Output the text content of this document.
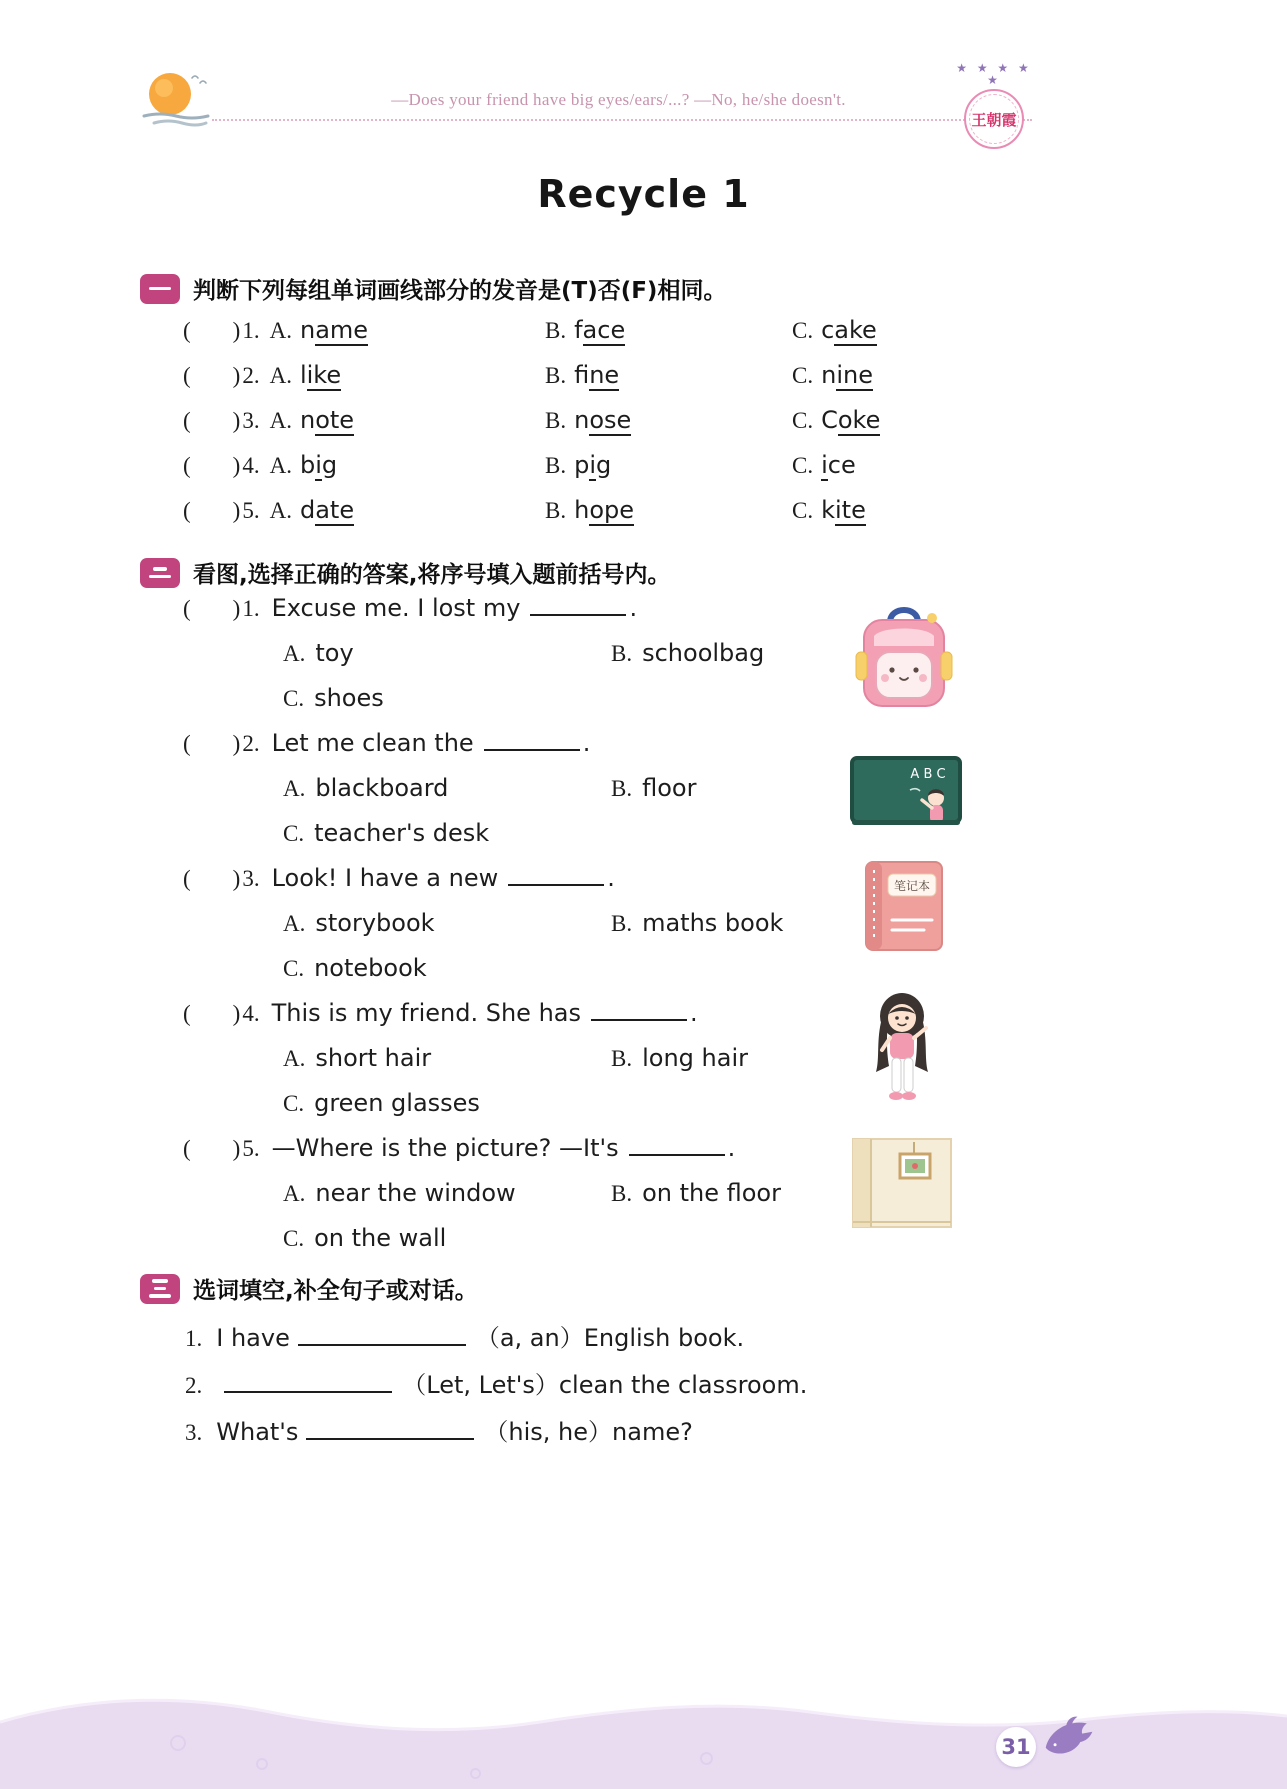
—Does your friend have big eyes/ears/...? —No, he/she doesn't.
★ ★ ★ ★ ★
王朝霞
Recycle 1
判断下列每组单词画线部分的发音是(T)否(F)相同。
( ) 1. A. name	B. face	C. cake
( ) 2. A. like	B. fine	C. nine
( ) 3. A. note	B. nose	C. Coke
( ) 4. A. big	B. pig	C. ice
( ) 5. A. date	B. hope	C. kite
看图,选择正确的答案,将序号填入题前括号内。
( ) 1. Excuse me. I lost my	.
A. toy	B. schoolbag
C. shoes
( ) 2. Let me clean the	.
A. blackboard	B. floor
C. teacher's desk
( ) 3. Look! I have a new	.
A. storybook	B. maths book
C. notebook
( ) 4. This is my friend. She has	.
A. short hair	B. long hair
C. green glasses
( ) 5. —Where is the picture? —It's	.
A. near the window	B. on the floor
C. on the wall
A B C
笔记本
选词填空,补全句子或对话。
1. I have	（a, an）English book.
2.	（Let, Let's）clean the classroom.
3. What's	（his, he）name?
31
